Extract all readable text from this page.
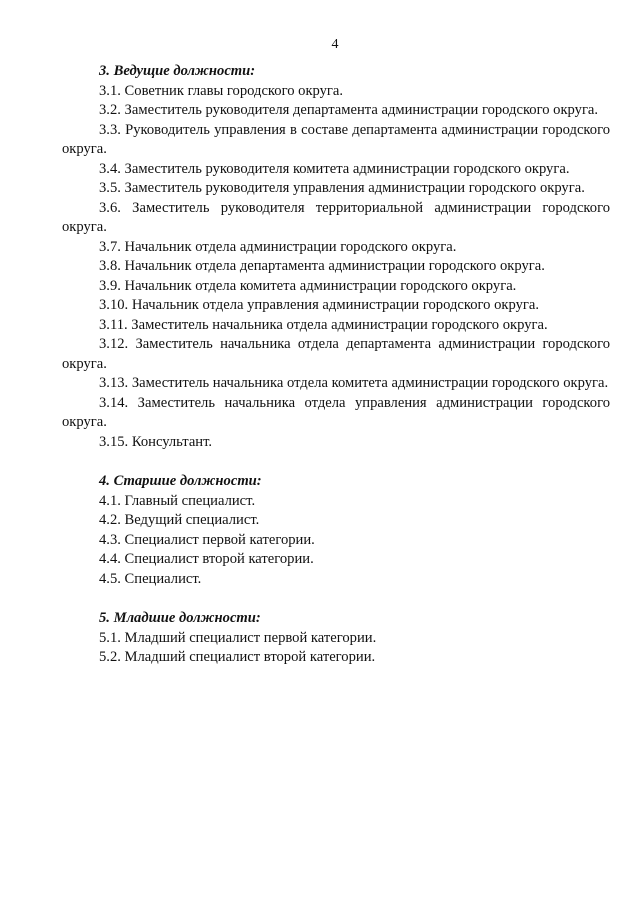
4

3. Ведущие должности:

3.1. Советник главы городского округа.

3.2. Заместитель руководителя департамента администрации городского округа.

3.3. Руководитель управления в составе департамента администрации городского округа.

3.4. Заместитель руководителя комитета администрации городского округа.

3.5. Заместитель руководителя управления администрации городского округа.

3.6. Заместитель руководителя территориальной администрации городского округа.

3.7. Начальник отдела администрации городского округа.

3.8. Начальник отдела департамента администрации городского округа.

3.9. Начальник отдела комитета администрации городского округа.

3.10. Начальник отдела управления администрации городского округа.

3.11. Заместитель начальника отдела администрации городского округа.

3.12. Заместитель начальника отдела департамента администрации городского округа.

3.13. Заместитель начальника отдела комитета администрации городского округа.

3.14. Заместитель начальника отдела управления администрации городского округа.

3.15. Консультант.

4. Старшие должности:

4.1. Главный специалист.

4.2. Ведущий специалист.

4.3. Специалист первой категории.

4.4. Специалист второй категории.

4.5. Специалист.

5. Младшие должности:

5.1. Младший специалист первой категории.

5.2. Младший специалист второй категории.
